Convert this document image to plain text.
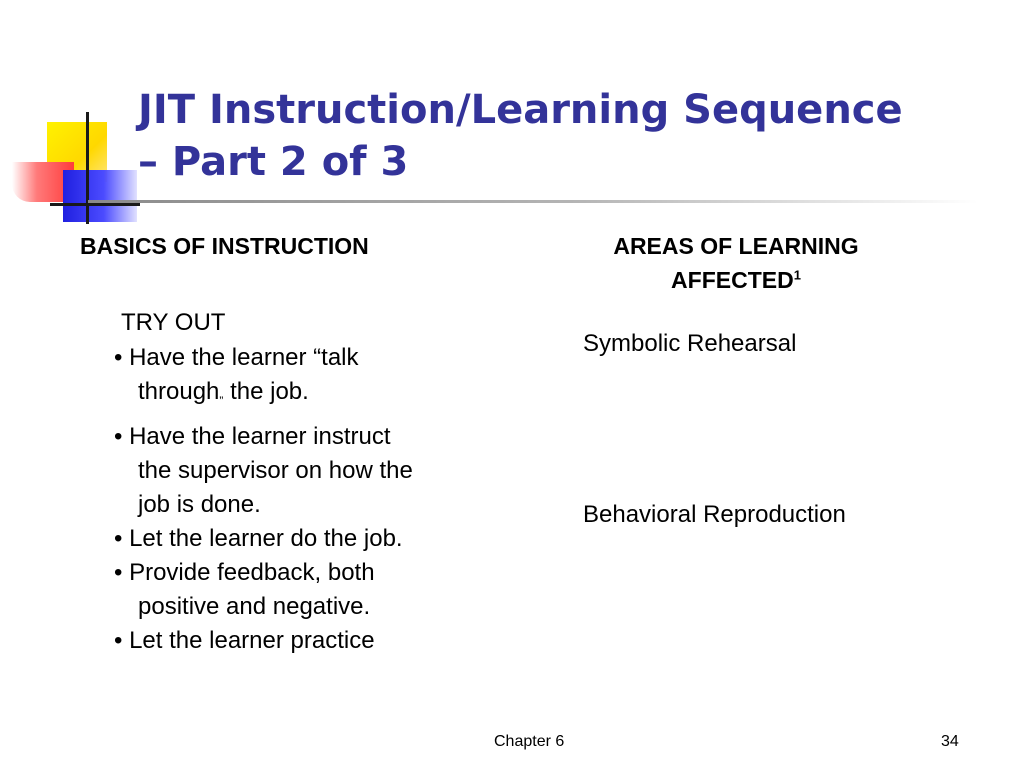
JIT Instruction/Learning Sequence
– Part 2 of 3

BASICS OF INSTRUCTION	AREAS OF LEARNING
AFFECTED$^1$

TRY OUT

• Have the learner “talk
through$_”$ the job.
• Have the learner instruct
the supervisor on how the
job is done.
• Let the learner do the job.
• Provide feedback, both
positive and negative.
• Let the learner practice

Symbolic Rehearsal

Behavioral Reproduction

Chapter 6	34
